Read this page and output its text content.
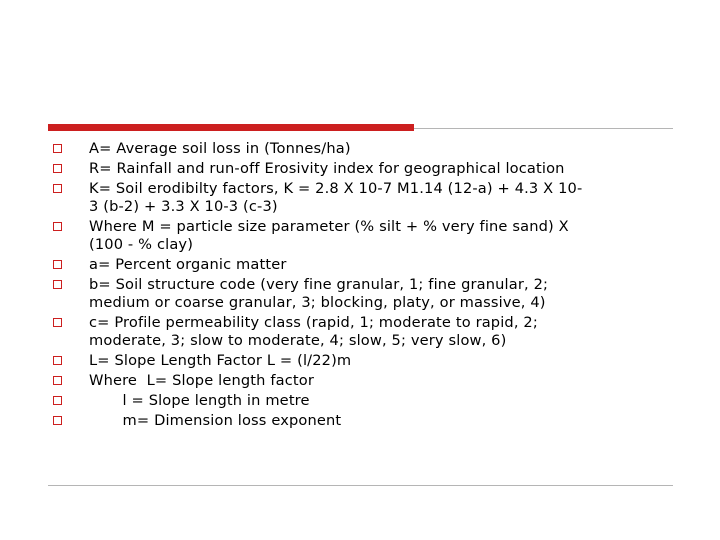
A= Average soil loss in (Tonnes/ha)
R= Rainfall and run-off Erosivity index for geographical location
K= Soil erodibilty factors, K = 2.8 X 10-7 M1.14 (12-a) + 4.3 X 10-
3 (b-2) + 3.3 X 10-3 (c-3)
Where M = particle size parameter (% silt + % very fine sand) X
(100 - % clay)
a= Percent organic matter
b= Soil structure code (very fine granular, 1; fine granular, 2;
medium or coarse granular, 3; blocking, platy, or massive, 4)
c= Profile permeability class (rapid, 1; moderate to rapid, 2;
moderate, 3; slow to moderate, 4; slow, 5; very slow, 6)
L= Slope Length Factor L = (l/22)m
Where  L= Slope length factor
l = Slope length in metre
m= Dimension loss exponent
